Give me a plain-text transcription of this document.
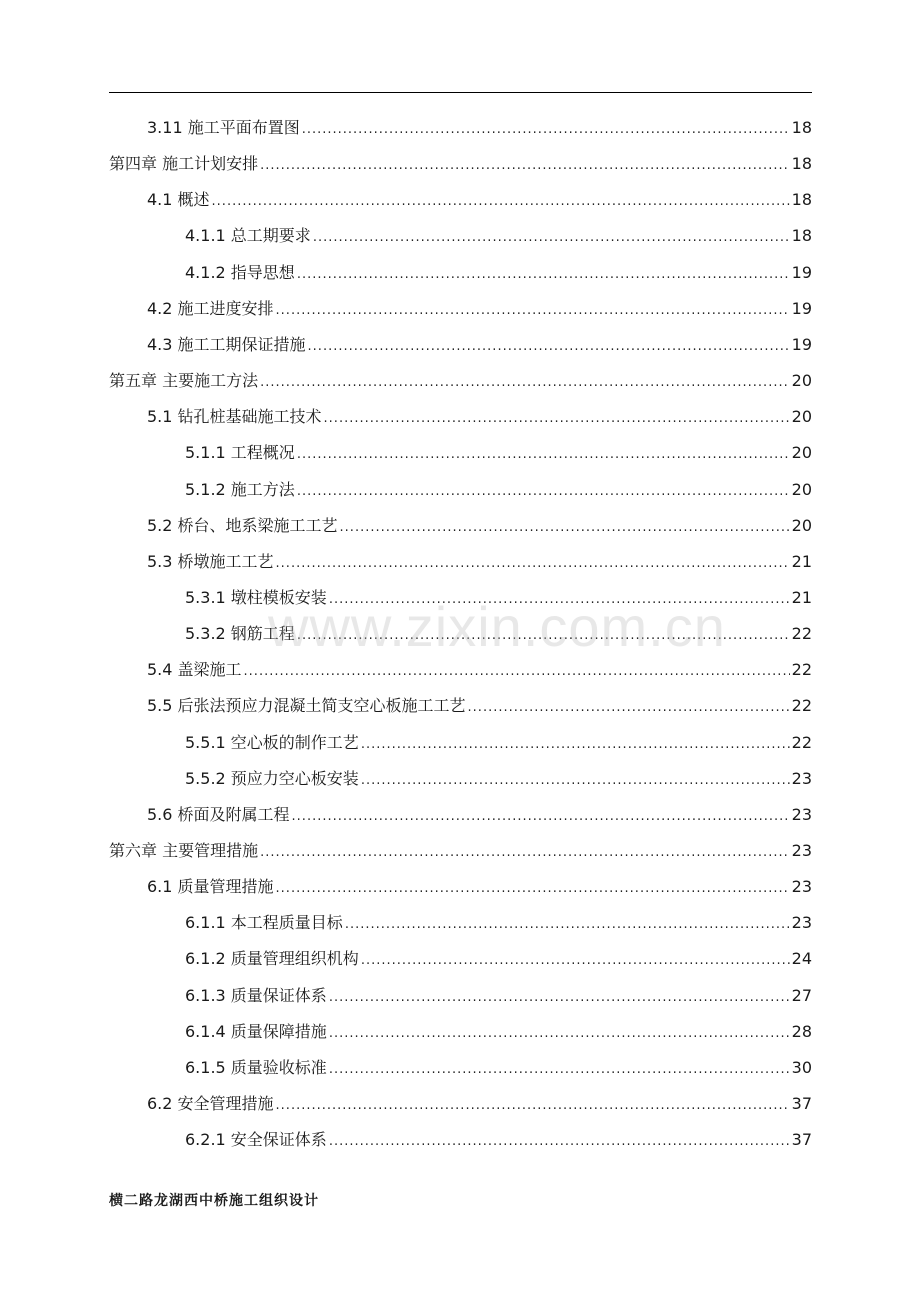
3.11 施工平面布置图 .....	18
第四章 施工计划安排 .....	18
4.1 概述 .....	18
4.1.1 总工期要求 .....	18
4.1.2 指导思想 .....	19
4.2 施工进度安排 .....	19
4.3 施工工期保证措施 .....	19
第五章 主要施工方法 .....	20
5.1 钻孔桩基础施工技术 .....	20
5.1.1 工程概况 .....	20
5.1.2 施工方法 .....	20
5.2 桥台、地系梁施工工艺 .....	20
5.3 桥墩施工工艺 .....	21
5.3.1 墩柱模板安装 .....	21
5.3.2 钢筋工程 .....	22
5.4 盖梁施工 .....	22
5.5 后张法预应力混凝土简支空心板施工工艺 .....	22
5.5.1 空心板的制作工艺 .....	22
5.5.2 预应力空心板安装 .....	23
5.6 桥面及附属工程 .....	23
第六章 主要管理措施 .....	23
6.1 质量管理措施 .....	23
6.1.1 本工程质量目标 .....	23
6.1.2 质量管理组织机构 .....	24
6.1.3 质量保证体系 .....	27
6.1.4 质量保障措施 .....	28
6.1.5 质量验收标准 .....	30
6.2 安全管理措施 .....	37
6.2.1 安全保证体系 .....	37
www.zixin.com.cn
横二路龙湖西中桥施工组织设计
